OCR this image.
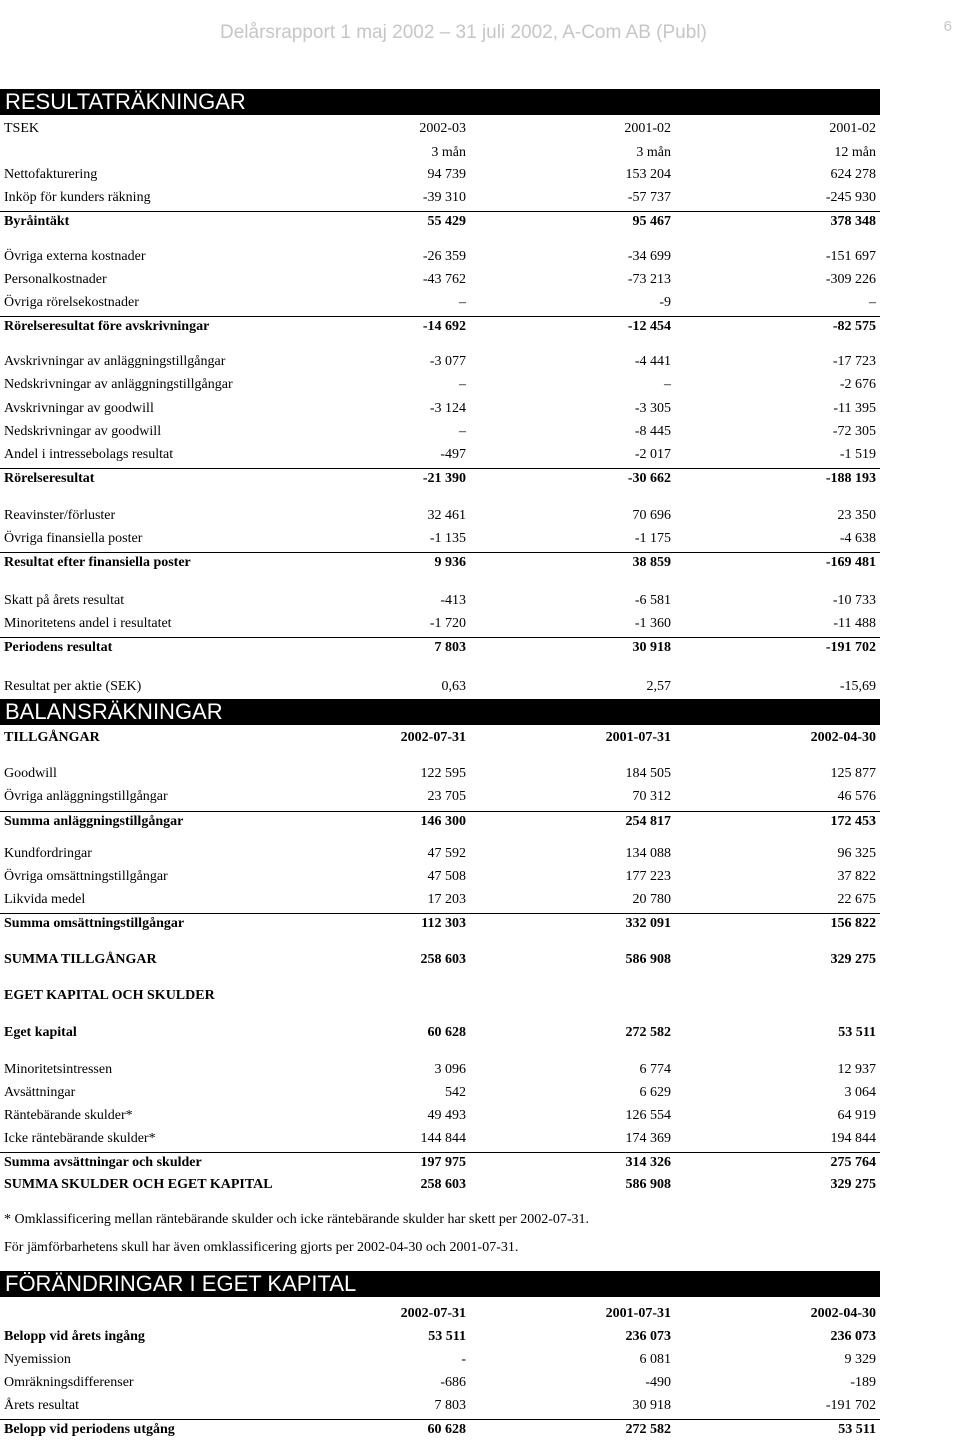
Delårsrapport 1 maj 2002 – 31 juli 2002, A-Com AB (Publ)	6
RESULTATRÄKNINGAR
TSEK	2002-03	2001-02	2001-02
3 mån	3 mån	12 mån
Nettofakturering	94 739	153 204	624 278
Inköp för kunders räkning	-39 310	-57 737	-245 930
Byråintäkt	55 429	95 467	378 348
Övriga externa kostnader	-26 359	-34 699	-151 697
Personalkostnader	-43 762	-73 213	-309 226
Övriga rörelsekostnader	–	-9	–
Rörelseresultat före avskrivningar	-14 692	-12 454	-82 575
Avskrivningar av anläggningstillgångar	-3 077	-4 441	-17 723
Nedskrivningar av anläggningstillgångar	–	–	-2 676
Avskrivningar av goodwill	-3 124	-3 305	-11 395
Nedskrivningar av goodwill	–	-8 445	-72 305
Andel i intressebolags resultat	-497	-2 017	-1 519
Rörelseresultat	-21 390	-30 662	-188 193
Reavinster/förluster	32 461	70 696	23 350
Övriga finansiella poster	-1 135	-1 175	-4 638
Resultat efter finansiella poster	9 936	38 859	-169 481
Skatt på årets resultat	-413	-6 581	-10 733
Minoritetens andel i resultatet	-1 720	-1 360	-11 488
Periodens resultat	7 803	30 918	-191 702
Resultat per aktie (SEK)	0,63	2,57	-15,69
BALANSRÄKNINGAR
TILLGÅNGAR	2002-07-31	2001-07-31	2002-04-30
Goodwill	122 595	184 505	125 877
Övriga anläggningstillgångar	23 705	70 312	46 576
Summa anläggningstillgångar	146 300	254 817	172 453
Kundfordringar	47 592	134 088	96 325
Övriga omsättningstillgångar	47 508	177 223	37 822
Likvida medel	17 203	20 780	22 675
Summa omsättningstillgångar	112 303	332 091	156 822
SUMMA TILLGÅNGAR	258 603	586 908	329 275
EGET KAPITAL OCH SKULDER
Eget kapital	60 628	272 582	53 511
Minoritetsintressen	3 096	6 774	12 937
Avsättningar	542	6 629	3 064
Räntebärande skulder*	49 493	126 554	64 919
Icke räntebärande skulder*	144 844	174 369	194 844
Summa avsättningar och skulder	197 975	314 326	275 764
SUMMA SKULDER OCH EGET KAPITAL	258 603	586 908	329 275
* Omklassificering mellan räntebärande skulder och icke räntebärande skulder har skett per 2002-07-31.
För jämförbarhetens skull har även omklassificering gjorts per 2002-04-30 och 2001-07-31.
FÖRÄNDRINGAR I EGET KAPITAL
2002-07-31	2001-07-31	2002-04-30
Belopp vid årets ingång	53 511	236 073	236 073
Nyemission	-	6 081	9 329
Omräkningsdifferenser	-686	-490	-189
Årets resultat	7 803	30 918	-191 702
Belopp vid periodens utgång	60 628	272 582	53 511
